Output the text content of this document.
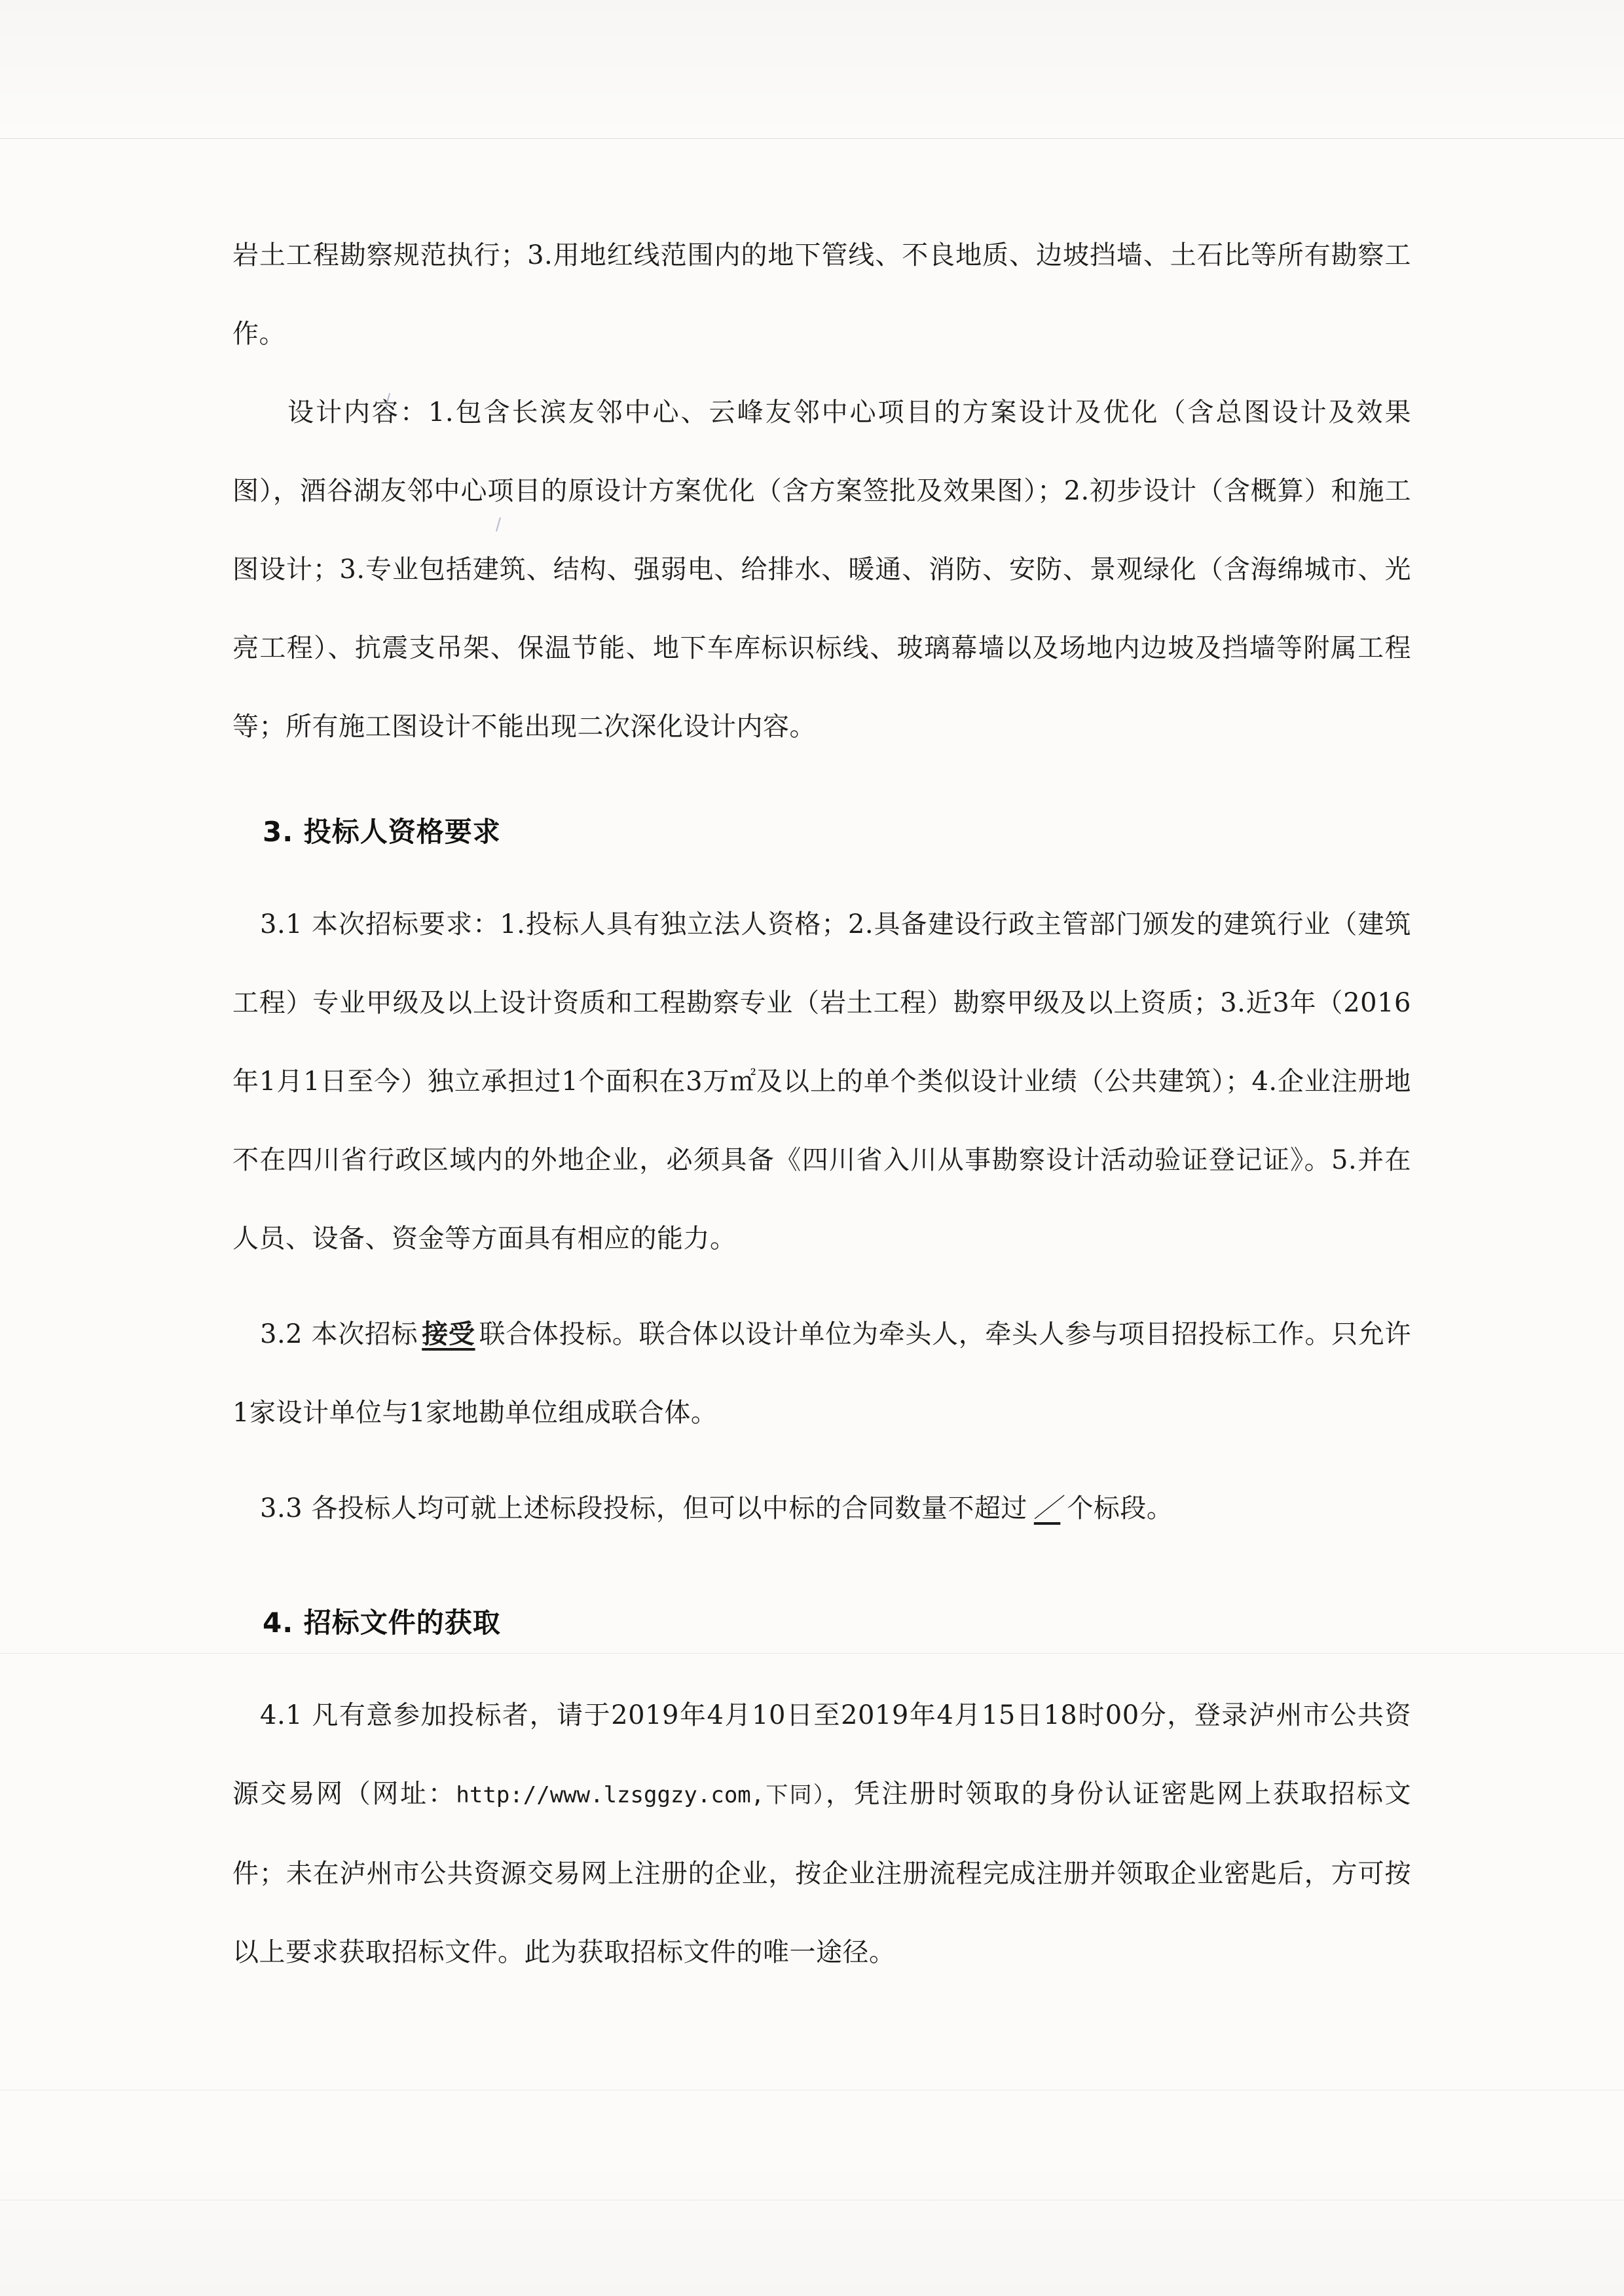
岩土工程勘察规范执行；3.用地红线范围内的地下管线、不良地质、边坡挡墙、土石比等所有勘察工作。
设计内容：1.包含长滨友邻中心、云峰友邻中心项目的方案设计及优化（含总图设计及效果图），酒谷湖友邻中心项目的原设计方案优化（含方案签批及效果图）；2.初步设计（含概算）和施工图设计；3.专业包括建筑、结构、强弱电、给排水、暖通、消防、安防、景观绿化（含海绵城市、光亮工程）、抗震支吊架、保温节能、地下车库标识标线、玻璃幕墙以及场地内边坡及挡墙等附属工程等；所有施工图设计不能出现二次深化设计内容。
3. 投标人资格要求
3.1 本次招标要求：1.投标人具有独立法人资格；2.具备建设行政主管部门颁发的建筑行业（建筑工程）专业甲级及以上设计资质和工程勘察专业（岩土工程）勘察甲级及以上资质；3.近3年（2016年1月1日至今）独立承担过1个面积在3万㎡及以上的单个类似设计业绩（公共建筑）；4.企业注册地不在四川省行政区域内的外地企业，必须具备《四川省入川从事勘察设计活动验证登记证》。5.并在人员、设备、资金等方面具有相应的能力。
3.2 本次招标 接受 联合体投标。联合体以设计单位为牵头人，牵头人参与项目招投标工作。只允许1家设计单位与1家地勘单位组成联合体。
3.3 各投标人均可就上述标段投标，但可以中标的合同数量不超过 ／ 个标段。
4. 招标文件的获取
4.1 凡有意参加投标者，请于2019年4月10日至2019年4月15日18时00分，登录泸州市公共资源交易网（网址：http://www.lzsggzy.com,下同），凭注册时领取的身份认证密匙网上获取招标文件；未在泸州市公共资源交易网上注册的企业，按企业注册流程完成注册并领取企业密匙后，方可按以上要求获取招标文件。此为获取招标文件的唯一途径。
